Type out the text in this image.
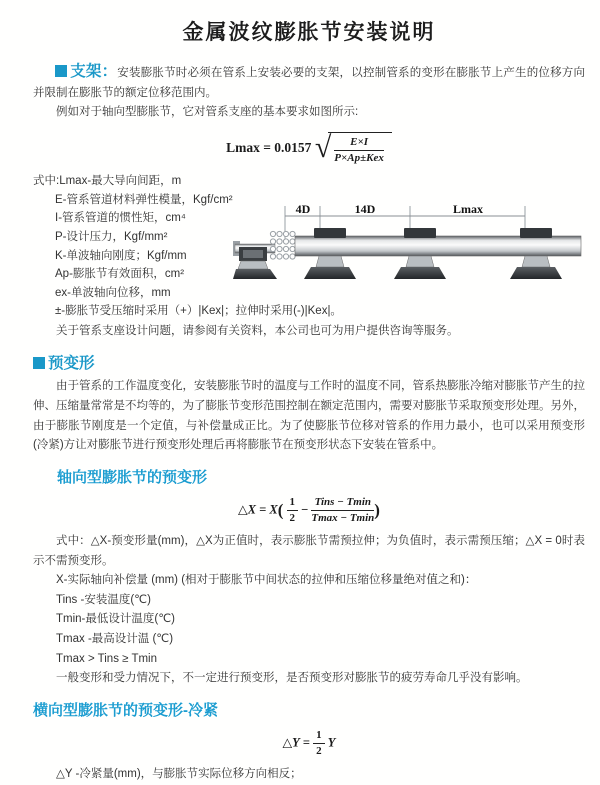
金属波纹膨胀节安装说明

支架：安装膨胀节时必须在管系上安装必要的支架，以控制管系的变形在膨胀节上产生的位移方向并限制在膨胀节的额定位移范围内。

例如对于轴向型膨胀节，它对管系支座的基本要求如图所示:

Lmax = 0.0157 √ $\frac{E\times I}{\text{P×Ap±Kex}}$
式中:Lmax-最大导向间距，m
E-管系管道材料弹性模量，Kgf/cm²
I-管系管道的惯性矩，cm⁴
P-设计压力，Kgf/mm²
K-单波轴向刚度；Kgf/mm
Ap-膨胀节有效面积，cm²
ex-单波轴向位移，mm
±-膨胀节受压缩时采用（+）|Kex|；拉伸时采用(-)|Kex|。
4D	14D	Lmax

关于管系支座设计问题，请参阅有关资料，本公司也可为用户提供咨询等服务。

预变形

由于管系的工作温度变化，安装膨胀节时的温度与工作时的温度不同，管系热膨胀冷缩对膨胀节产生的拉伸、压缩量常常是不均等的，为了膨胀节变形范围控制在额定范围内，需要对膨胀节采取预变形处理。另外，由于膨胀节刚度是一个定值，与补偿量成正比。为了使膨胀节位移对管系的作用力最小，也可以采用预变形(冷紧)方让对膨胀节进行预变形处理后再将膨胀节在预变形状态下安装在管系中。

轴向型膨胀节的预变形
△X = $X( \frac{1}{2} - \frac{\text{Tins − Tmin}}{Tmax - Tmin}$ )

式中：△X-预变形量(mm)，△X为正值时，表示膨胀节需预拉伸；为负值时，表示需预压缩；△X = 0时表示不需预变形。

X-实际轴向补偿量 (mm) (相对于膨胀节中间状态的拉伸和压缩位移量绝对值之和)：

Tins -安装温度(℃)

Tmin-最低设计温度(℃)

Tmax -最高设计温 (℃)

Tmax > Tins ≥ Tmin

一般变形和受力情况下，不一定进行预变形，是否预变形对膨胀节的疲劳寿命几乎没有影响。

横向型膨胀节的预变形-冷紧
△Y = $\frac{1}{2}$ Y

△Y -冷紧量(mm)，与膨胀节实际位移方向相反；
